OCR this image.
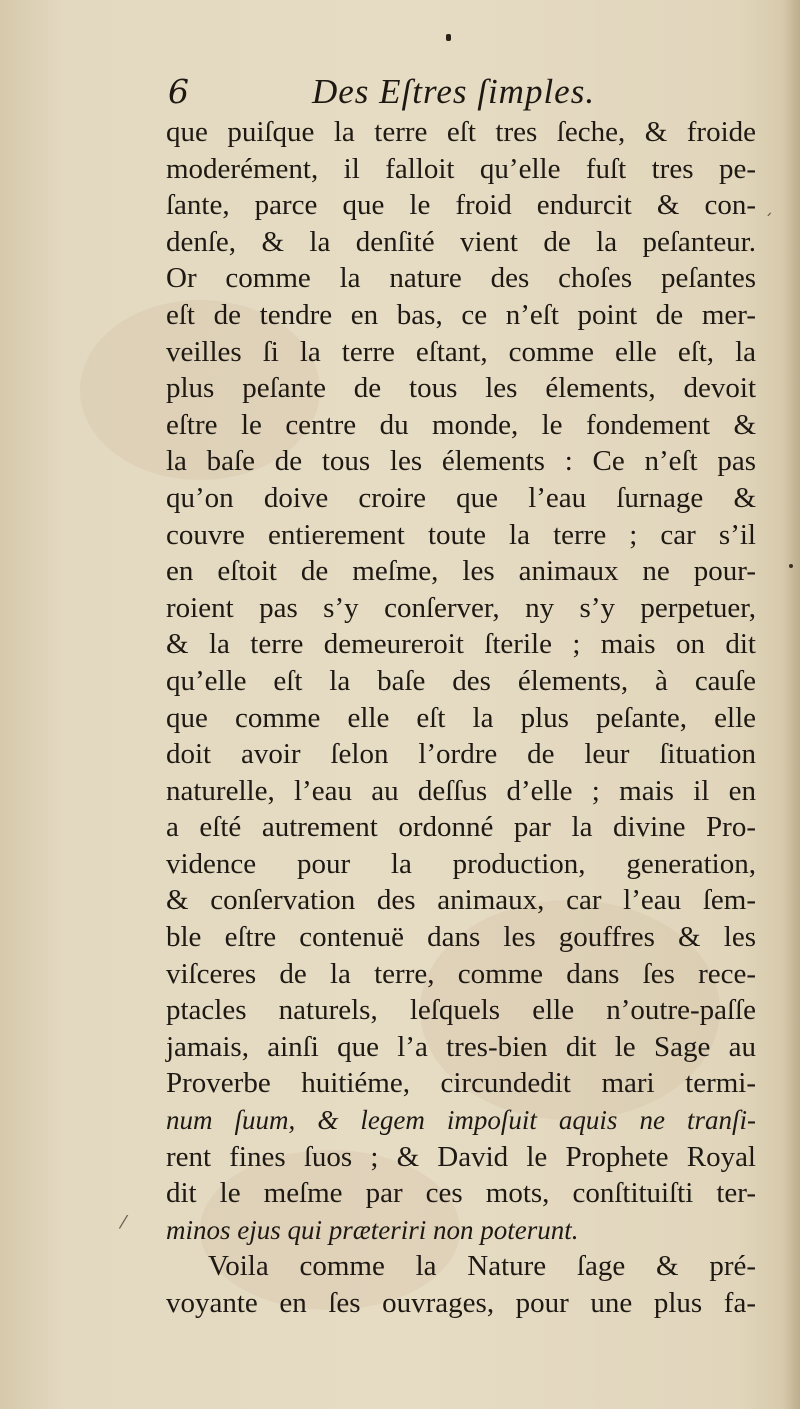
ˏ
⁄
6	Des Eſtres ſimples.
que puiſque la terre eſt tres ſeche, & froide
moderément, il falloit qu’elle fuſt tres pe-
ſante, parce que le froid endurcit & con-
denſe, & la denſité vient de la peſanteur.
Or comme la nature des choſes peſantes
eſt de tendre en bas, ce n’eſt point de mer-
veilles ſi la terre eſtant, comme elle eſt, la
plus peſante de tous les élements, devoit
eſtre le centre du monde, le fondement &
la baſe de tous les élements : Ce n’eſt pas
qu’on doive croire que l’eau ſurnage &
couvre entierement toute la terre ; car s’il
en eſtoit de meſme, les animaux ne pour-
roient pas s’y conſerver, ny s’y perpetuer,
& la terre demeureroit ſterile ; mais on dit
qu’elle eſt la baſe des élements, à cauſe
que comme elle eſt la plus peſante, elle
doit avoir ſelon l’ordre de leur ſituation
naturelle, l’eau au deſſus d’elle ; mais il en
a eſté autrement ordonné par la divine Pro-
vidence pour la production, generation,
& conſervation des animaux, car l’eau ſem-
ble eſtre contenuë dans les gouffres & les
viſceres de la terre, comme dans ſes rece-
ptacles naturels, leſquels elle n’outre-paſſe
jamais, ainſi que l’a tres-bien dit le Sage au
Proverbe huitiéme, circundedit mari termi-
num ſuum, & legem impoſuit aquis ne tranſi-
rent fines ſuos ; & David le Prophete Royal
dit le meſme par ces mots, conſtituiſti ter-
minos ejus qui præteriri non poterunt.
Voila comme la Nature ſage & pré-
voyante en ſes ouvrages, pour une plus fa-
